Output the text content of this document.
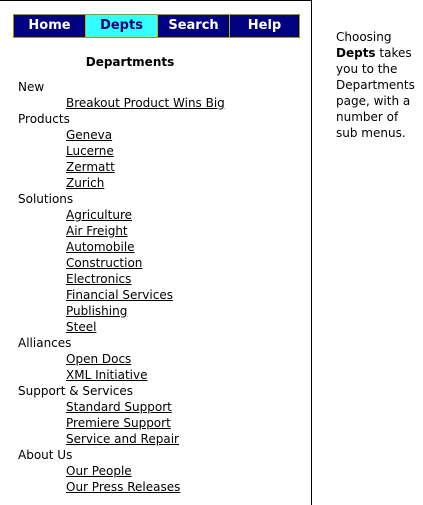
Home	Depts	Search	Help
Departments
New
Breakout Product Wins Big
Products
Geneva
Lucerne
Zermatt
Zurich
Solutions
Agriculture
Air Freight
Automobile
Construction
Electronics
Financial Services
Publishing
Steel
Alliances
Open Docs
XML Initiative
Support & Services
Standard Support
Premiere Support
Service and Repair
About Us
Our People
Our Press Releases
Choosing
Depts takes you to the Departments page, with a number of sub menus.
